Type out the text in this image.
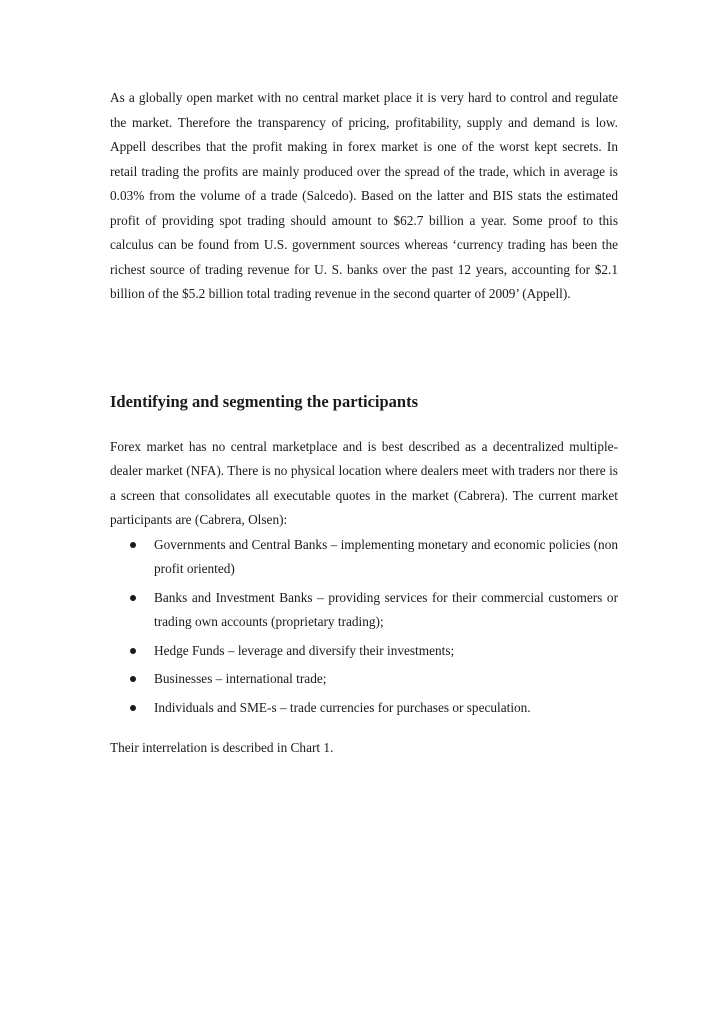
As a globally open market with no central market place it is very hard to control and regulate the market. Therefore the transparency of pricing, profitability, supply and demand is low. Appell describes that the profit making in forex market is one of the worst kept secrets. In retail trading the profits are mainly produced over the spread of the trade, which in average is 0.03% from the volume of a trade (Salcedo). Based on the latter and BIS stats the estimated profit of providing spot trading should amount to $62.7 billion a year. Some proof to this calculus can be found from U.S. government sources whereas ‘currency trading has been the richest source of trading revenue for U. S. banks over the past 12 years, accounting for $2.1 billion of the $5.2 billion total trading revenue in the second quarter of 2009’ (Appell).

Identifying and segmenting the participants

Forex market has no central marketplace and is best described as a decentralized multiple-dealer market (NFA). There is no physical location where dealers meet with traders nor there is a screen that consolidates all executable quotes in the market (Cabrera). The current market participants are (Cabrera, Olsen):

Governments and Central Banks – implementing monetary and economic policies (non profit oriented)
Banks and Investment Banks – providing services for their commercial customers or trading own accounts (proprietary trading);
Hedge Funds – leverage and diversify their investments;
Businesses – international trade;
Individuals and SME-s – trade currencies for purchases or speculation.

Their interrelation is described in Chart 1.
